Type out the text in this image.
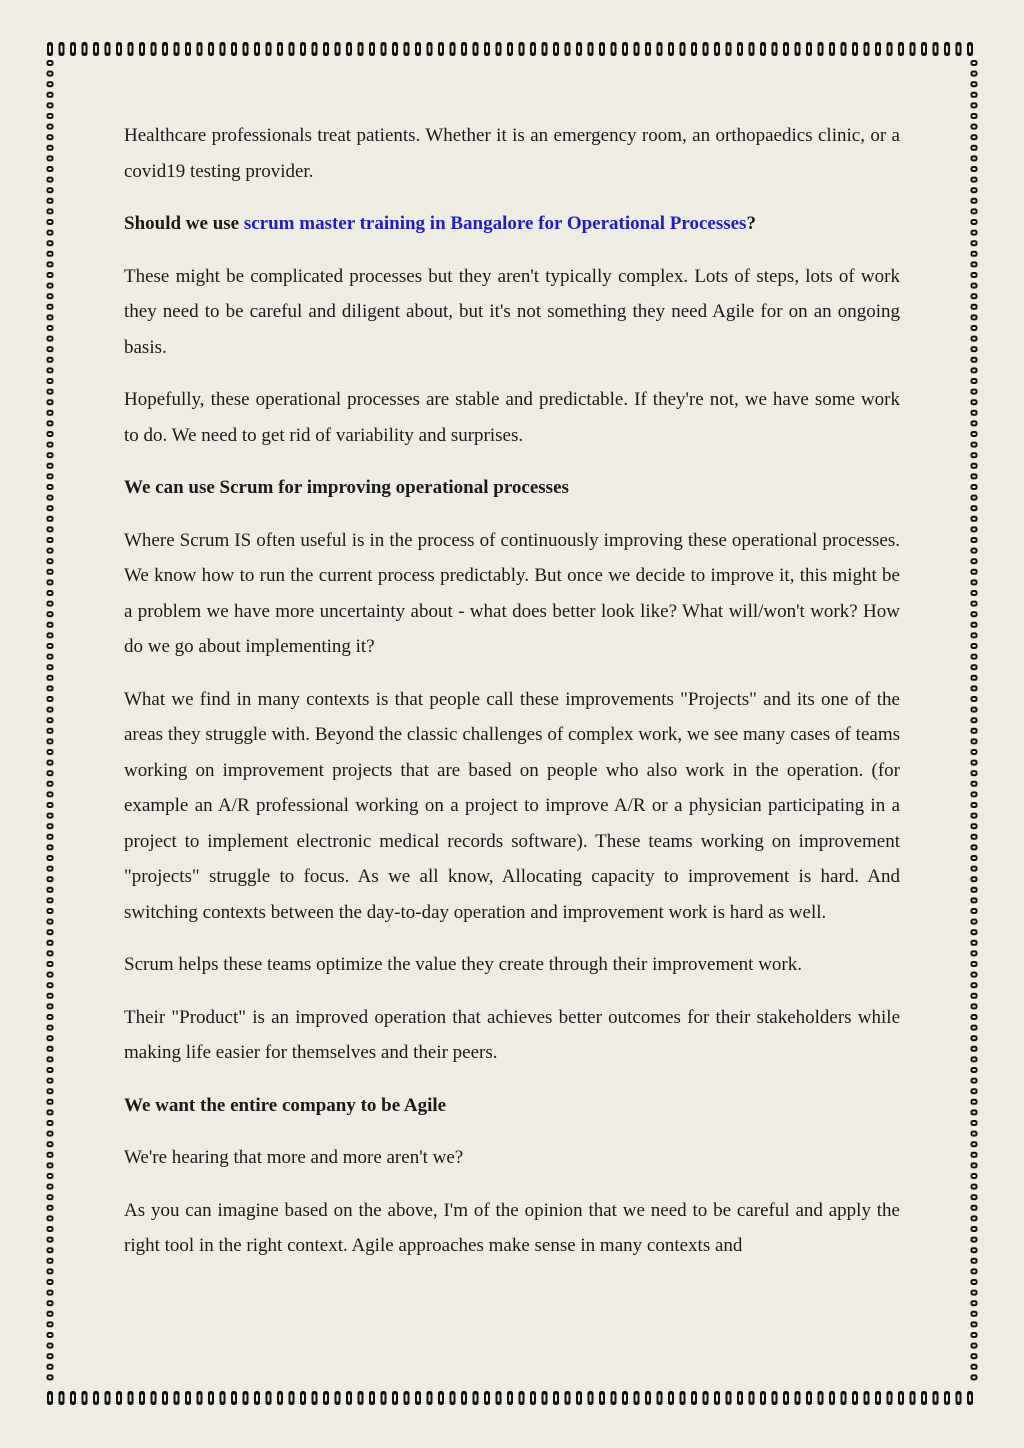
Healthcare professionals treat patients. Whether it is an emergency room, an orthopaedics clinic, or a covid19 testing provider.

Should we use scrum master training in Bangalore for Operational Processes?

These might be complicated processes but they aren't typically complex. Lots of steps, lots of work they need to be careful and diligent about, but it's not something they need Agile for on an ongoing basis.

Hopefully, these operational processes are stable and predictable. If they're not, we have some work to do. We need to get rid of variability and surprises.

We can use Scrum for improving operational processes

Where Scrum IS often useful is in the process of continuously improving these operational processes. We know how to run the current process predictably. But once we decide to improve it, this might be a problem we have more uncertainty about - what does better look like? What will/won't work? How do we go about implementing it?

What we find in many contexts is that people call these improvements "Projects" and its one of the areas they struggle with. Beyond the classic challenges of complex work, we see many cases of teams working on improvement projects that are based on people who also work in the operation. (for example an A/R professional working on a project to improve A/R or a physician participating in a project to implement electronic medical records software). These teams working on improvement "projects" struggle to focus. As we all know, Allocating capacity to improvement is hard. And switching contexts between the day-to-day operation and improvement work is hard as well.

Scrum helps these teams optimize the value they create through their improvement work.

Their "Product" is an improved operation that achieves better outcomes for their stakeholders while making life easier for themselves and their peers.

We want the entire company to be Agile

We're hearing that more and more aren't we?

As you can imagine based on the above, I'm of the opinion that we need to be careful and apply the right tool in the right context. Agile approaches make sense in many contexts and
